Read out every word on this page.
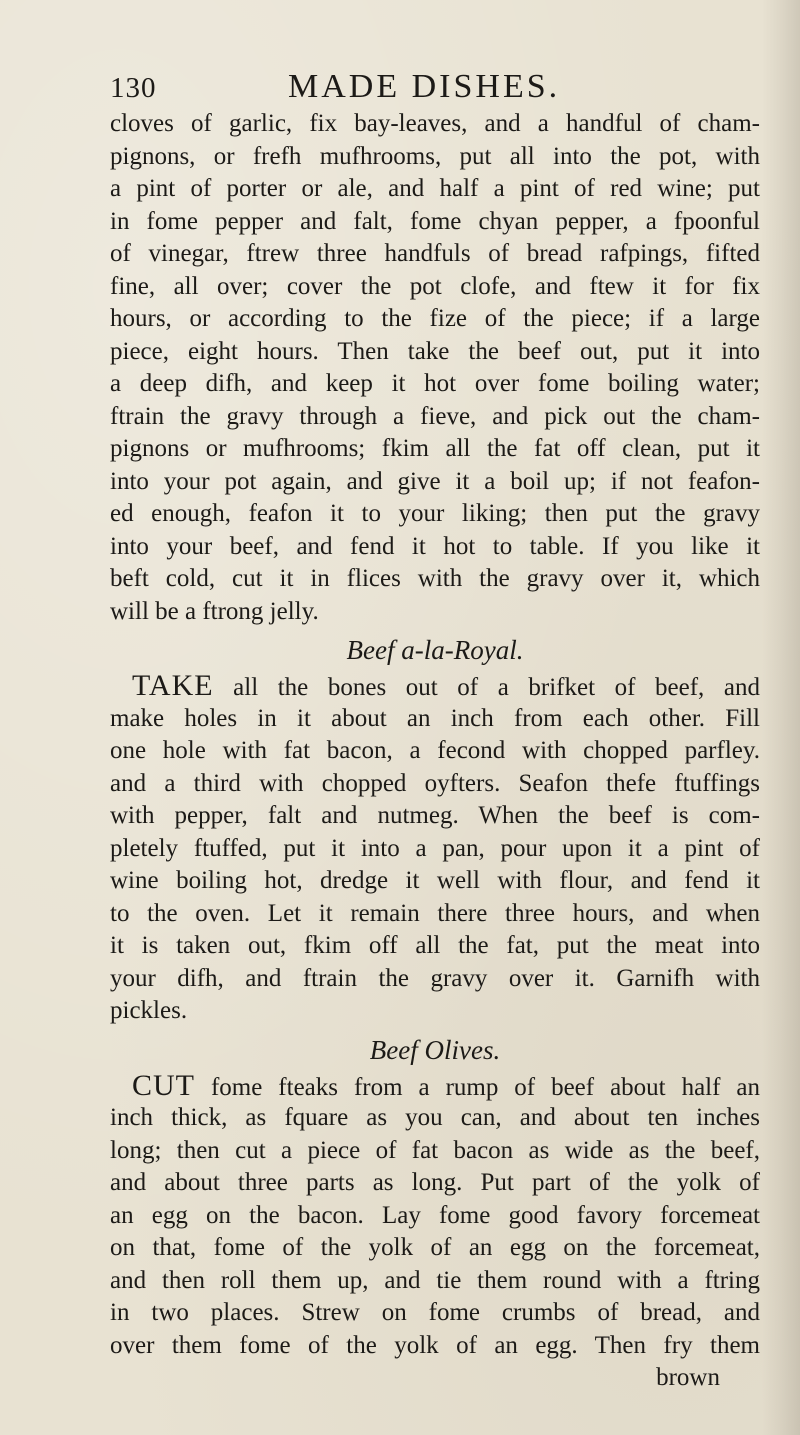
130	MADE DISHES.
cloves of garlic, fix bay-leaves, and a handful of cham-
pignons, or frefh mufhrooms, put all into the pot, with
a pint of porter or ale, and half a pint of red wine; put
in fome pepper and falt, fome chyan pepper, a fpoonful
of vinegar, ftrew three handfuls of bread rafpings, fifted
fine, all over; cover the pot clofe, and ftew it for fix
hours, or according to the fize of the piece; if a large
piece, eight hours. Then take the beef out, put it into
a deep difh, and keep it hot over fome boiling water;
ftrain the gravy through a fieve, and pick out the cham-
pignons or mufhrooms; fkim all the fat off clean, put it
into your pot again, and give it a boil up; if not feafon-
ed enough, feafon it to your liking; then put the gravy
into your beef, and fend it hot to table. If you like it
beft cold, cut it in flices with the gravy over it, which
will be a ftrong jelly.
Beef a-la-Royal.
TAKE all the bones out of a brifket of beef, and
make holes in it about an inch from each other. Fill
one hole with fat bacon, a fecond with chopped parfley.
and a third with chopped oyfters. Seafon thefe ftuffings
with pepper, falt and nutmeg. When the beef is com-
pletely ftuffed, put it into a pan, pour upon it a pint of
wine boiling hot, dredge it well with flour, and fend it
to the oven. Let it remain there three hours, and when
it is taken out, fkim off all the fat, put the meat into
your difh, and ftrain the gravy over it. Garnifh with
pickles.
Beef Olives.
CUT fome fteaks from a rump of beef about half an
inch thick, as fquare as you can, and about ten inches
long; then cut a piece of fat bacon as wide as the beef,
and about three parts as long. Put part of the yolk of
an egg on the bacon. Lay fome good favory forcemeat
on that, fome of the yolk of an egg on the forcemeat,
and then roll them up, and tie them round with a ftring
in two places. Strew on fome crumbs of bread, and
over them fome of the yolk of an egg. Then fry them
brown
